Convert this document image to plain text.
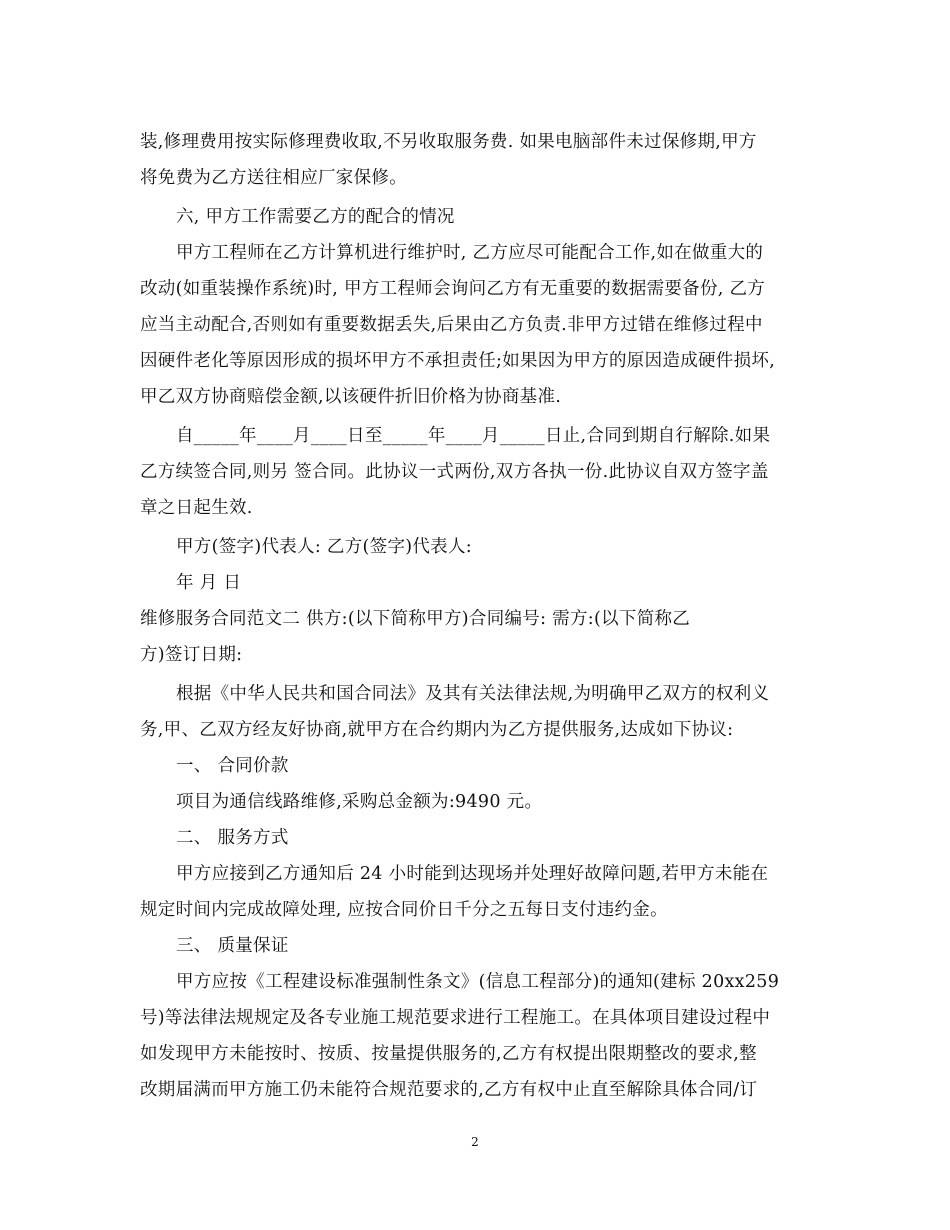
装,修理费用按实际修理费收取,不另收取服务费. 如果电脑部件未过保修期,甲方
将免费为乙方送往相应厂家保修。
六, 甲方工作需要乙方的配合的情况
甲方工程师在乙方计算机进行维护时, 乙方应尽可能配合工作,如在做重大的
改动(如重装操作系统)时, 甲方工程师会询问乙方有无重要的数据需要备份, 乙方
应当主动配合,否则如有重要数据丢失,后果由乙方负责.非甲方过错在维修过程中
因硬件老化等原因形成的损坏甲方不承担责任;如果因为甲方的原因造成硬件损坏,
甲乙双方协商赔偿金额,以该硬件折旧价格为协商基准.
自_____年____月____日至_____年____月_____日止,合同到期自行解除.如果
乙方续签合同,则另 签合同。此协议一式两份,双方各执一份.此协议自双方签字盖
章之日起生效.
甲方(签字)代表人: 乙方(签字)代表人:
年 月 日
维修服务合同范文二 供方:(以下简称甲方)合同编号: 需方:(以下简称乙
方)签订日期:
根据《中华人民共和国合同法》及其有关法律法规,为明确甲乙双方的权利义
务,甲、乙双方经友好协商,就甲方在合约期内为乙方提供服务,达成如下协议:
一、 合同价款
项目为通信线路维修,采购总金额为:9490 元。
二、 服务方式
甲方应接到乙方通知后 24 小时能到达现场并处理好故障问题,若甲方未能在
规定时间内完成故障处理, 应按合同价日千分之五每日支付违约金。
三、 质量保证
甲方应按《工程建设标准强制性条文》(信息工程部分)的通知(建标 20xx259
号)等法律法规规定及各专业施工规范要求进行工程施工。在具体项目建设过程中
如发现甲方未能按时、按质、按量提供服务的,乙方有权提出限期整改的要求,整
改期届满而甲方施工仍未能符合规范要求的,乙方有权中止直至解除具体合同/订
2
